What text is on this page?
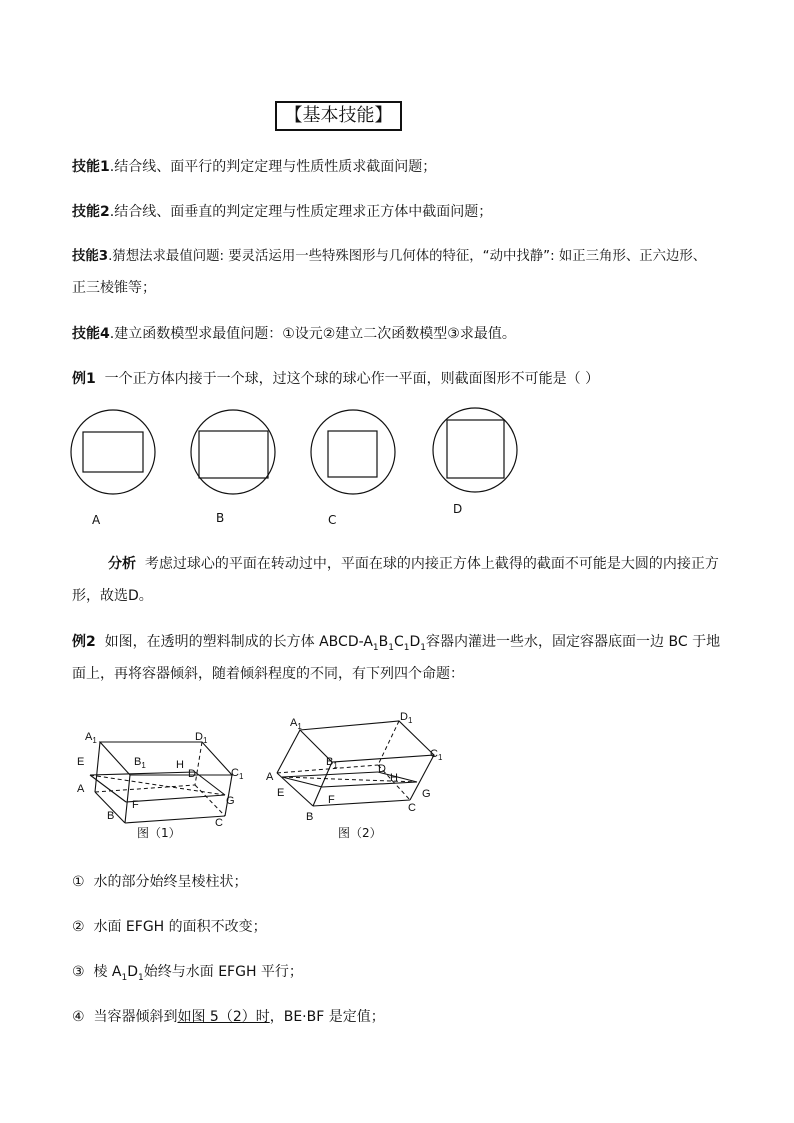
【基本技能】
技能1.结合线、面平行的判定定理与性质性质求截面问题；
技能2.结合线、面垂直的判定定理与性质定理求正方体中截面问题；
技能3.猜想法求最值问题: 要灵活运用一些特殊图形与几何体的特征，“动中找静”: 如正三角形、正六边形、
正三棱锥等；
技能4.建立函数模型求最值问题：①设元②建立二次函数模型③求最值。
例1 一个正方体内接于一个球，过这个球的球心作一平面，则截面图形不可能是（ ）
A	B	C
D
分析 考虑过球心的平面在转动过中，平面在球的内接正方体上截得的截面不可能是大圆的内接正方
形，故选D。
例2 如图，在透明的塑料制成的长方体 ABCD-$A_1B_1C_1D_1$容器内灌进一些水，固定容器底面一边 BC 于地
面上，再将容器倾斜，随着倾斜程度的不同，有下列四个命题：
$A_1$	$D_1$
$B_1$	H
D	$C_1$
E
A
F	G
B
C
图（1）
$A_1$
$D_1$
$B_1$	D
H
$C_1$
A
E
F	G
B
C
图（2）
① 水的部分始终呈棱柱状；
② 水面 EFGH 的面积不改变；
③ 棱 $A_1D_1$始终与水面 EFGH 平行；
④ 当容器倾斜到如图 5（2）时，BE·BF 是定值；
